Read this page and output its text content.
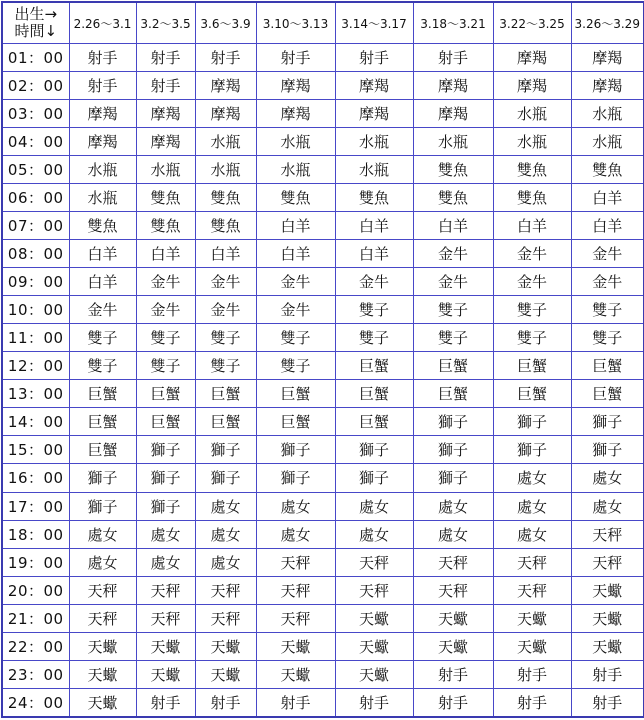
出生→
時間↓	2.26～3.1	3.2～3.5	3.6～3.9	3.10～3.13	3.14～3.17	3.18～3.21	3.22～3.25	3.26～3.29
01：00	射手	射手	射手	射手	射手	射手	摩羯	摩羯
02：00	射手	射手	摩羯	摩羯	摩羯	摩羯	摩羯	摩羯
03：00	摩羯	摩羯	摩羯	摩羯	摩羯	摩羯	水瓶	水瓶
04：00	摩羯	摩羯	水瓶	水瓶	水瓶	水瓶	水瓶	水瓶
05：00	水瓶	水瓶	水瓶	水瓶	水瓶	雙魚	雙魚	雙魚
06：00	水瓶	雙魚	雙魚	雙魚	雙魚	雙魚	雙魚	白羊
07：00	雙魚	雙魚	雙魚	白羊	白羊	白羊	白羊	白羊
08：00	白羊	白羊	白羊	白羊	白羊	金牛	金牛	金牛
09：00	白羊	金牛	金牛	金牛	金牛	金牛	金牛	金牛
10：00	金牛	金牛	金牛	金牛	雙子	雙子	雙子	雙子
11：00	雙子	雙子	雙子	雙子	雙子	雙子	雙子	雙子
12：00	雙子	雙子	雙子	雙子	巨蟹	巨蟹	巨蟹	巨蟹
13：00	巨蟹	巨蟹	巨蟹	巨蟹	巨蟹	巨蟹	巨蟹	巨蟹
14：00	巨蟹	巨蟹	巨蟹	巨蟹	巨蟹	獅子	獅子	獅子
15：00	巨蟹	獅子	獅子	獅子	獅子	獅子	獅子	獅子
16：00	獅子	獅子	獅子	獅子	獅子	獅子	處女	處女
17：00	獅子	獅子	處女	處女	處女	處女	處女	處女
18：00	處女	處女	處女	處女	處女	處女	處女	天秤
19：00	處女	處女	處女	天秤	天秤	天秤	天秤	天秤
20：00	天秤	天秤	天秤	天秤	天秤	天秤	天秤	天蠍
21：00	天秤	天秤	天秤	天秤	天蠍	天蠍	天蠍	天蠍
22：00	天蠍	天蠍	天蠍	天蠍	天蠍	天蠍	天蠍	天蠍
23：00	天蠍	天蠍	天蠍	天蠍	天蠍	射手	射手	射手
24：00	天蠍	射手	射手	射手	射手	射手	射手	射手
